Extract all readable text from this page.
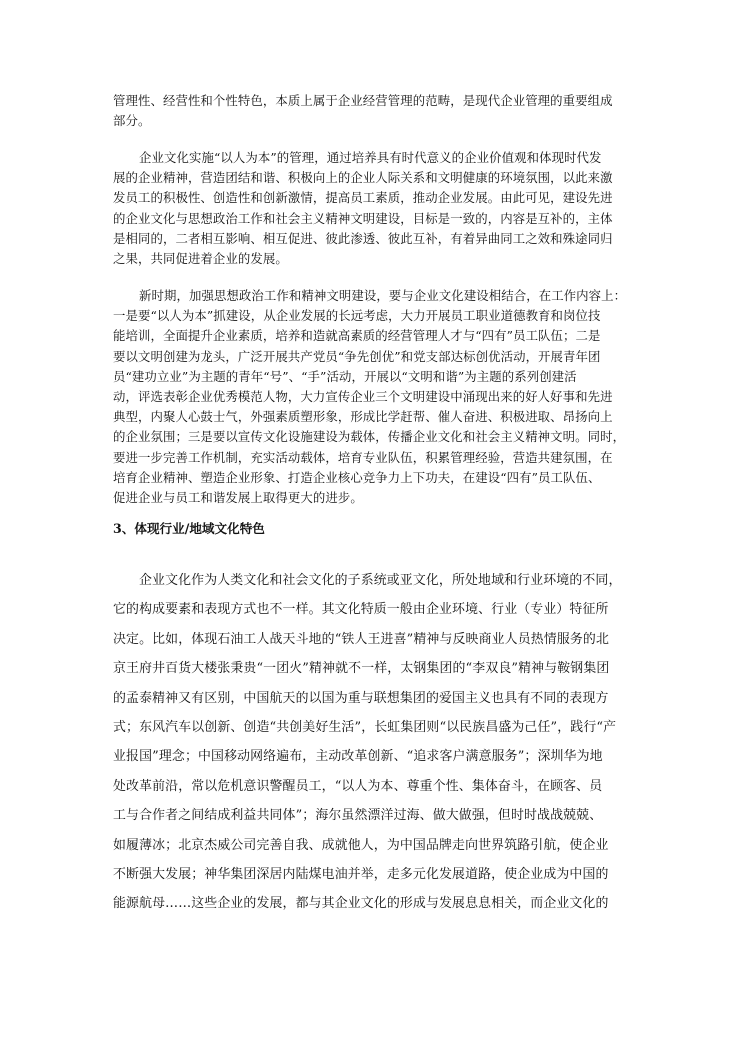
管理性、经营性和个性特色，本质上属于企业经营管理的范畴，是现代企业管理的重要组成
部分。
企业文化实施“以人为本”的管理，通过培养具有时代意义的企业价值观和体现时代发
展的企业精神，营造团结和谐、积极向上的企业人际关系和文明健康的环境氛围，以此来激
发员工的积极性、创造性和创新激情，提高员工素质，推动企业发展。由此可见，建设先进
的企业文化与思想政治工作和社会主义精神文明建设，目标是一致的，内容是互补的，主体
是相同的，二者相互影响、相互促进、彼此渗透、彼此互补，有着异曲同工之效和殊途同归
之果，共同促进着企业的发展。
新时期，加强思想政治工作和精神文明建设，要与企业文化建设相结合，在工作内容上：
一是要“以人为本”抓建设，从企业发展的长远考虑，大力开展员工职业道德教育和岗位技
能培训，全面提升企业素质，培养和造就高素质的经营管理人才与“四有”员工队伍；二是
要以文明创建为龙头，广泛开展共产党员“争先创优”和党支部达标创优活动，开展青年团
员“建功立业”为主题的青年“号”、“手”活动，开展以“文明和谐”为主题的系列创建活
动，评选表彰企业优秀模范人物，大力宣传企业三个文明建设中涌现出来的好人好事和先进
典型，内聚人心鼓士气，外强素质塑形象，形成比学赶帮、催人奋进、积极进取、昂扬向上
的企业氛围；三是要以宣传文化设施建设为载体，传播企业文化和社会主义精神文明。同时，
要进一步完善工作机制，充实活动载体，培育专业队伍，积累管理经验，营造共建氛围，在
培育企业精神、塑造企业形象、打造企业核心竞争力上下功夫，在建设“四有”员工队伍、
促进企业与员工和谐发展上取得更大的进步。
3、体现行业/地域文化特色
企业文化作为人类文化和社会文化的子系统或亚文化，所处地域和行业环境的不同，
它的构成要素和表现方式也不一样。其文化特质一般由企业环境、行业（专业）特征所
决定。比如，体现石油工人战天斗地的“铁人王进喜”精神与反映商业人员热情服务的北
京王府井百货大楼张秉贵“一团火”精神就不一样，太钢集团的“李双良”精神与鞍钢集团
的孟泰精神又有区别，中国航天的以国为重与联想集团的爱国主义也具有不同的表现方
式；东风汽车以创新、创造“共创美好生活”，长虹集团则“以民族昌盛为己任”，践行“产
业报国”理念；中国移动网络遍布，主动改革创新、“追求客户满意服务”；深圳华为地
处改革前沿，常以危机意识警醒员工，“以人为本、尊重个性、集体奋斗，在顾客、员
工与合作者之间结成利益共同体”；海尔虽然漂洋过海、做大做强，但时时战战兢兢、
如履薄冰；北京杰威公司完善自我、成就他人，为中国品牌走向世界筑路引航，使企业
不断强大发展；神华集团深居内陆煤电油并举，走多元化发展道路，使企业成为中国的
能源航母……这些企业的发展，都与其企业文化的形成与发展息息相关，而企业文化的
